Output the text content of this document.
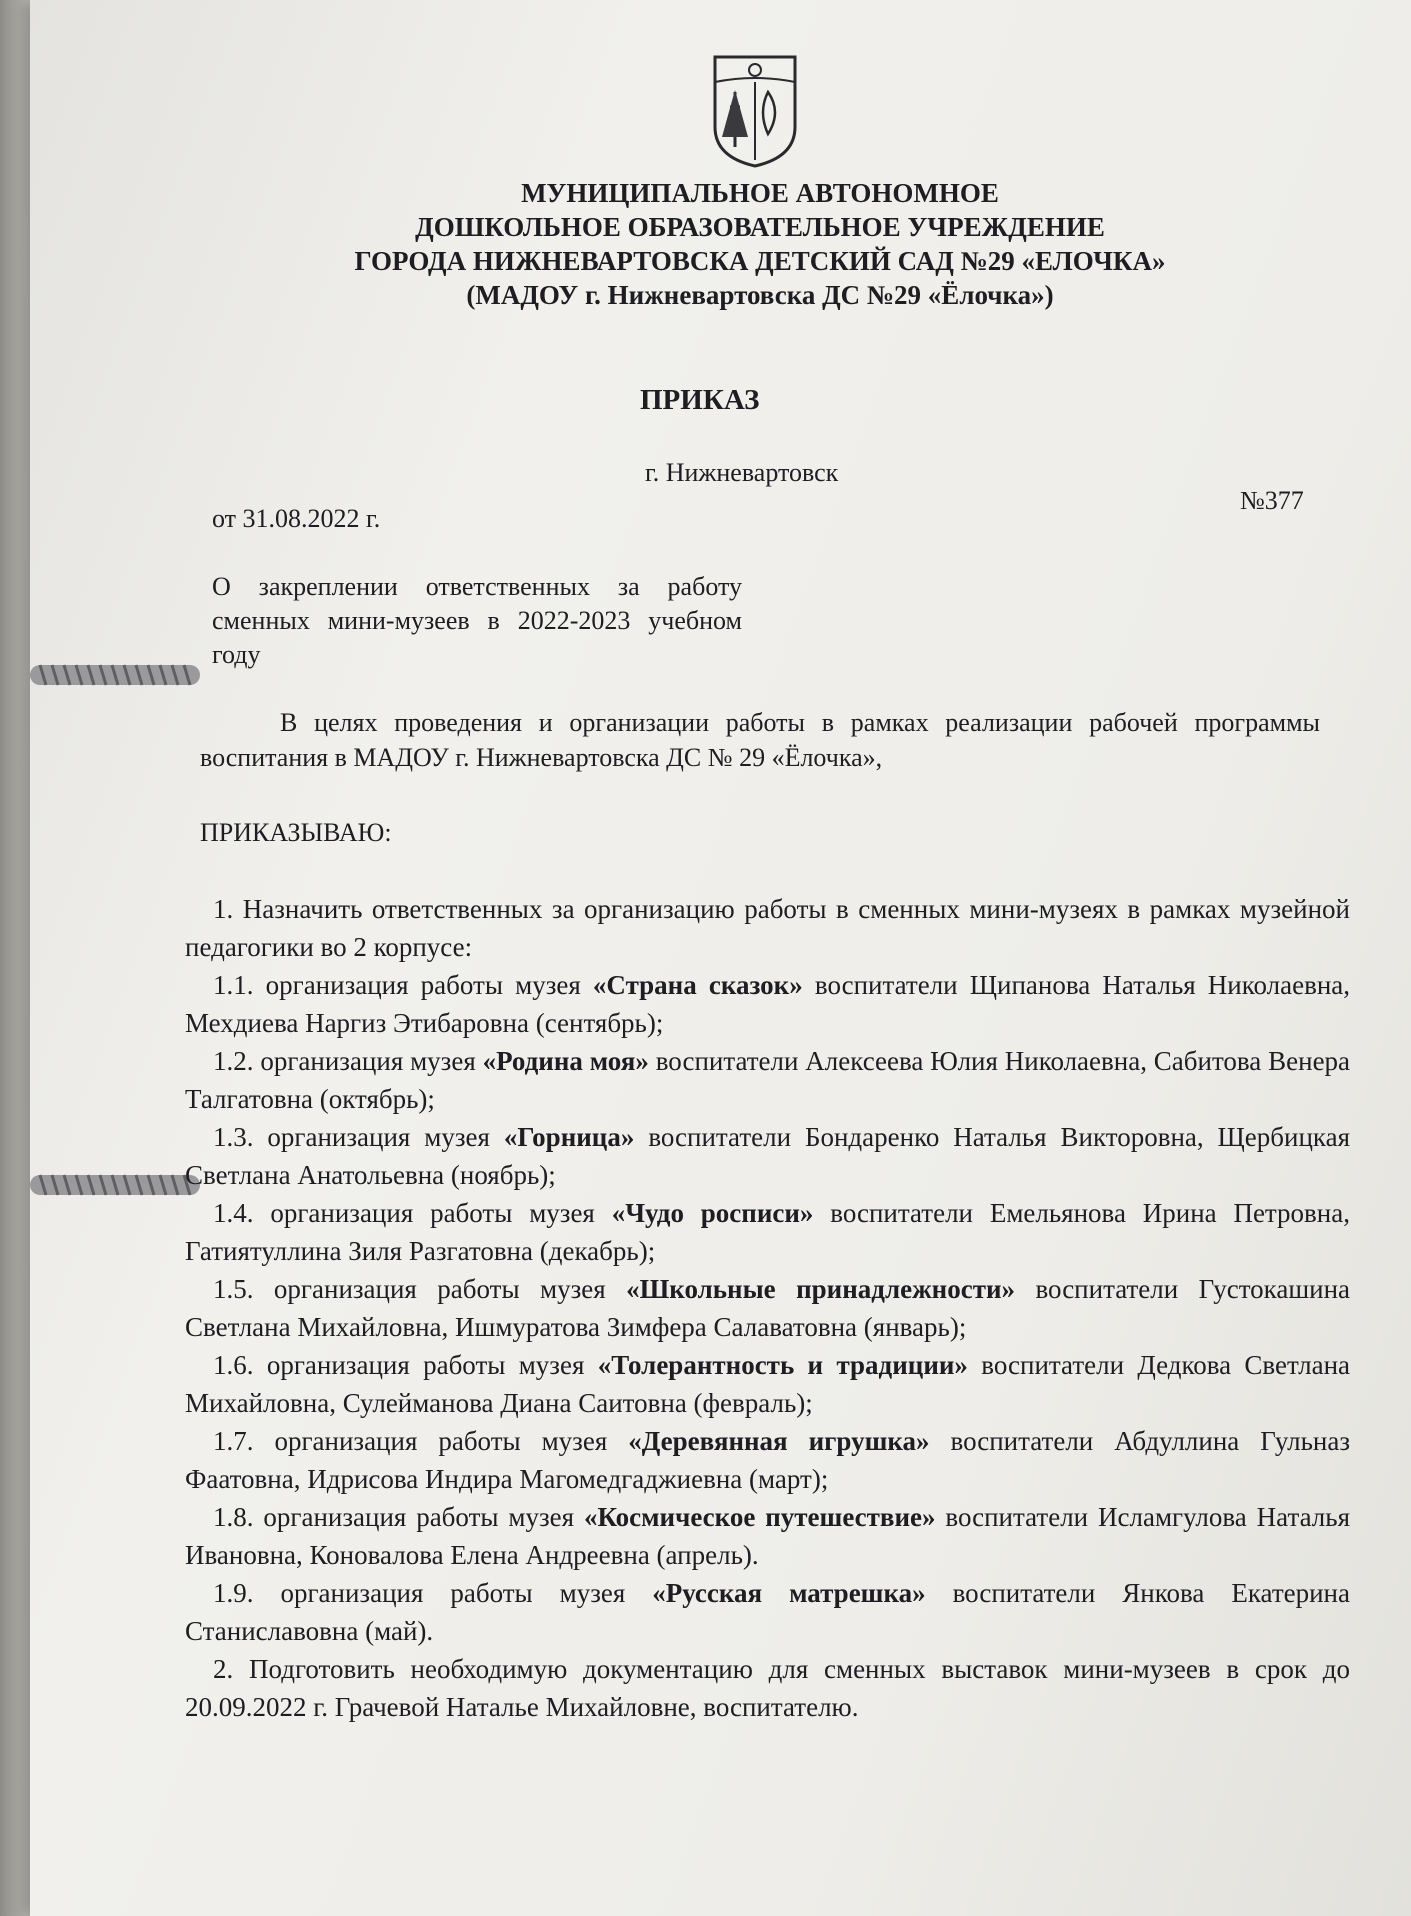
МУНИЦИПАЛЬНОЕ АВТОНОМНОЕ
ДОШКОЛЬНОЕ ОБРАЗОВАТЕЛЬНОЕ УЧРЕЖДЕНИЕ
ГОРОДА НИЖНЕВАРТОВСКА ДЕТСКИЙ САД №29 «ЕЛОЧКА»
(МАДОУ г. Нижневартовска ДС №29 «Ёлочка»)
ПРИКАЗ
г. Нижневартовск
от 31.08.2022 г.
№377
О закреплении ответственных за работу сменных мини-музеев в 2022-2023 учебном году
В целях проведения и организации работы в рамках реализации рабочей программы воспитания в МАДОУ г. Нижневартовска ДС № 29 «Ёлочка»,
ПРИКАЗЫВАЮ:

1. Назначить ответственных за организацию работы в сменных мини-музеях в рамках музейной педагогики во 2 корпусе:

1.1. организация работы музея «Страна сказок» воспитатели Щипанова Наталья Николаевна, Мехдиева Наргиз Этибаровна (сентябрь);

1.2. организация музея «Родина моя» воспитатели Алексеева Юлия Николаевна, Сабитова Венера Талгатовна (октябрь);

1.3. организация музея «Горница» воспитатели Бондаренко Наталья Викторовна, Щербицкая Светлана Анатольевна (ноябрь);

1.4. организация работы музея «Чудо росписи» воспитатели Емельянова Ирина Петровна, Гатиятуллина Зиля Разгатовна (декабрь);

1.5. организация работы музея «Школьные принадлежности» воспитатели Густокашина Светлана Михайловна, Ишмуратова Зимфера Салаватовна (январь);

1.6. организация работы музея «Толерантность и традиции» воспитатели Дедкова Светлана Михайловна, Сулейманова Диана Саитовна (февраль);

1.7. организация работы музея «Деревянная игрушка» воспитатели Абдуллина Гульназ Фаатовна, Идрисова Индира Магомедгаджиевна (март);

1.8. организация работы музея «Космическое путешествие» воспитатели Исламгулова Наталья Ивановна, Коновалова Елена Андреевна (апрель).

1.9. организация работы музея «Русская матрешка» воспитатели Янкова Екатерина Станиславовна (май).

2. Подготовить необходимую документацию для сменных выставок мини-музеев в срок до 20.09.2022 г. Грачевой Наталье Михайловне, воспитателю.
